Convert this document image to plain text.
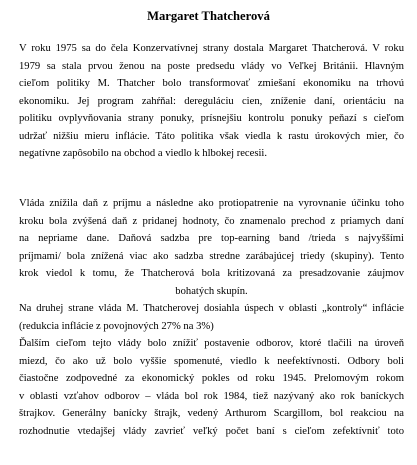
Margaret Thatcherová
V roku 1975 sa do čela Konzervatívnej strany dostala Margaret Thatcherová. V roku
1979 sa stala prvou ženou na poste predsedu vlády vo Veľkej Británii. Hlavným
cieľom politiky M. Thatcher bolo transformovať zmiešaní ekonomiku na trhovú
ekonomiku. Jej program zahŕňal: dereguláciu cien, zníženie daní, orientáciu na
politiku ovplyvňovania strany ponuky, prísnejšiu kontrolu ponuky peňazí s cieľom
udržať nižšiu mieru inflácie. Táto politika však viedla k rastu úrokových mier, čo
negatívne zapôsobilo na obchod a viedlo k hlbokej recesii.
Vláda znížila daň z príjmu a následne ako protiopatrenie na vyrovnanie účinku toho
kroku bola zvýšená daň z pridanej hodnoty, čo znamenalo prechod z priamych daní
na nepriame dane. Daňová sadzba pre top-earning band /trieda s najvyššími
príjmami/ bola znížená viac ako sadzba stredne zarábajúcej triedy (skupiny). Tento
krok viedol k tomu, že Thatcherová bola kritizovaná za presadzovanie záujmov
bohatých skupín.
Na druhej strane vláda M. Thatcherovej dosiahla úspech v oblasti „kontroly“ inflácie
(redukcia inflácie z povojnových 27% na 3%)
Ďalším cieľom tejto vlády bolo znížiť postavenie odborov, ktoré tlačili na úroveň
miezd, čo ako už bolo vyššie spomenuté, viedlo k neefektívnosti. Odbory boli
čiastočne zodpovedné za ekonomický pokles od roku 1945. Prelomovým rokom
v oblasti vzťahov odborov – vláda bol rok 1984, tiež nazývaný ako rok baníckych
štrajkov. Generálny banícky štrajk, vedený Arthurom Scargillom, bol reakciou na
rozhodnutie vtedajšej vlády zavrieť veľký počet baní s cieľom zefektívniť toto
